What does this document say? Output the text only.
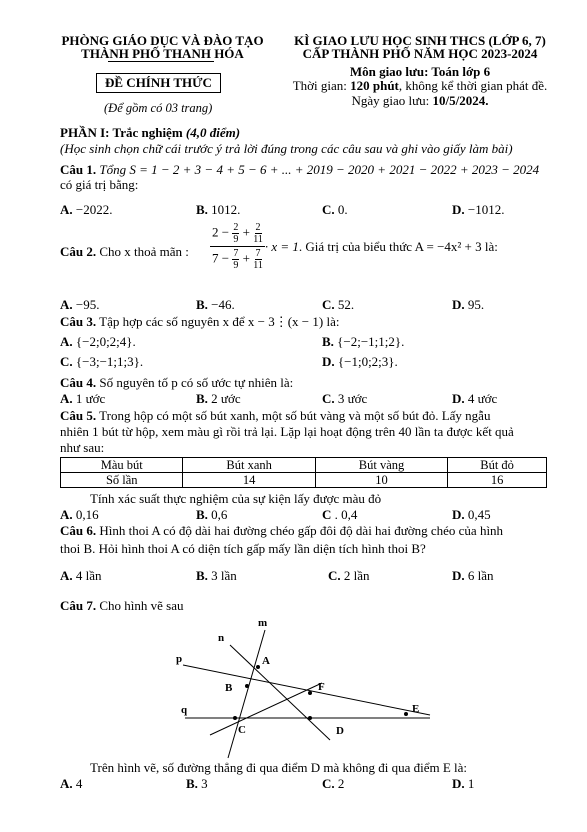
PHÒNG GIÁO DỤC VÀ ĐÀO TẠO
THÀNH PHỐ THANH HÓA
ĐỀ CHÍNH THỨC
(Để gồm có 03 trang)
KÌ GIAO LƯU HỌC SINH THCS (LỚP 6, 7)
CẤP THÀNH PHỐ NĂM HỌC 2023-2024
Môn giao lưu: Toán lớp 6
Thời gian: 120 phút, không kể thời gian phát đề.
Ngày giao lưu: 10/5/2024.
PHẦN I: Trắc nghiệm (4,0 điểm)
(Học sinh chọn chữ cái trước ý trả lời đúng trong các câu sau và ghi vào giấy làm bài)
Câu 1. Tổng S = 1 − 2 + 3 − 4 + 5 − 6 + ... + 2019 − 2020 + 2021 − 2022 + 2023 − 2024
có giá trị bằng:
A. −2022.	B. 1012.	C. 0.	D. −1012.
Câu 2. Cho x thoả mãn :
$2 - \frac{2}{9} + \frac{2}{11}$
$7 - \frac{7}{9} + \frac{7}{11}$
· x = 1 . Giá trị của biểu thức A = −4x² + 3 là:
A. −95.	B. −46.	C. 52.	D. 95.
Câu 3. Tập hợp các số nguyên x để x − 3⋮(x − 1) là:
A. {−2;0;2;4}.	B. {−2;−1;1;2}.
C. {−3;−1;1;3}.	D. {−1;0;2;3}.
Câu 4. Số nguyên tố p có số ước tự nhiên là:
A. 1 ước	B. 2 ước	C. 3 ước	D. 4 ước
Câu 5. Trong hộp có một số bút xanh, một số bút vàng và một số bút đỏ. Lấy ngẫu
nhiên 1 bút từ hộp, xem màu gì rồi trả lại. Lặp lại hoạt động trên 40 lần ta được kết quả
như sau:
Màu bút	Bút xanh	Bút vàng	Bút đỏ
Số lần	14	10	16
Tính xác suất thực nghiệm của sự kiện lấy được màu đỏ
A. 0,16	B. 0,6	C . 0,4	D. 0,45
Câu 6. Hình thoi A có độ dài hai đường chéo gấp đôi độ dài hai đường chéo của hình
thoi B. Hỏi hình thoi A có diện tích gấp mấy lần diện tích hình thoi B?
A. 4 lần	B. 3 lần	C. 2 lần	D. 6 lần
Câu 7. Cho hình vẽ sau
m
n
p
q
A
B
C	D
E
F
Trên hình vẽ, số đường thẳng đi qua điểm D mà không đi qua điểm E là:
A. 4	B. 3	C. 2	D. 1
